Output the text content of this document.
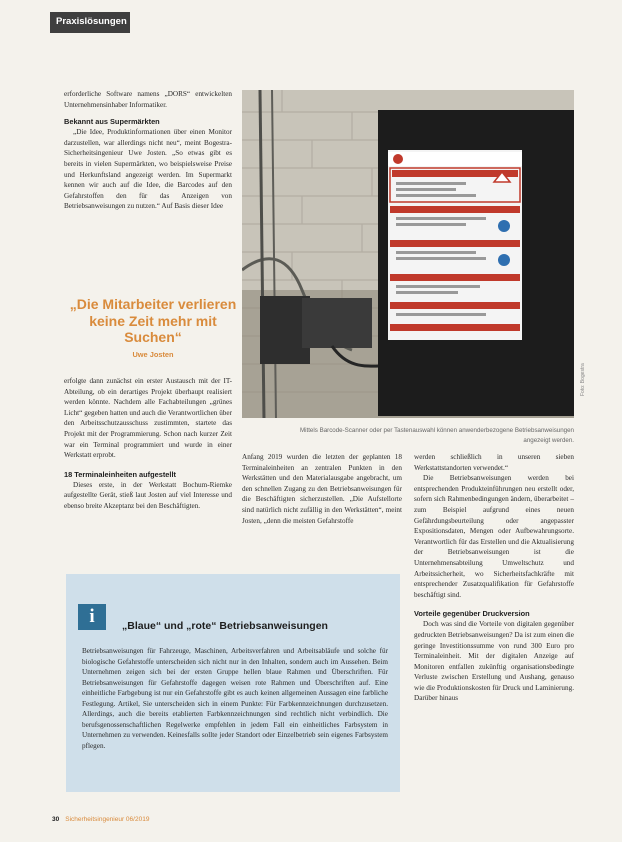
Praxislösungen

erforderliche Software namens „DORS“ entwickelten Unternehmensinhaber Informatiker.

Bekannt aus Supermärkten

„Die Idee, Produktinformationen über einen Monitor darzustellen, war allerdings nicht neu“, meint Bogestra-Sicherheitsingenieur Uwe Josten. „So etwas gibt es bereits in vielen Supermärkten, wo beispielsweise Preise und Herkunftsland angezeigt werden. Im Supermarkt kennen wir auch auf die Idee, die Barcodes auf den Gefahrstoffen den für das Anzeigen von Betriebsanweisungen zu nutzen.“ Auf Basis dieser Idee

„Die Mitarbeiter verlieren keine Zeit mehr mit Suchen“
Uwe Josten

erfolgte dann zunächst ein erster Austausch mit der IT-Abteilung, ob ein derartiges Projekt überhaupt realisiert werden könnte. Nachdem alle Fachabteilungen „grünes Licht“ gegeben hatten und auch die Verantwortlichen über den Arbeitsschutzausschuss zustimmten, startete das Projekt mit der Programmierung. Schon nach kurzer Zeit war ein Terminal programmiert und wurde in einer Werkstatt erprobt.

18 Terminaleinheiten aufgestellt

Dieses erste, in der Werkstatt Bochum-Riemke aufgestellte Gerät, stieß laut Josten auf viel Interesse und ebenso breite Akzeptanz bei den Beschäftigten.

Foto: Bogestra
Mittels Barcode-Scanner oder per Tastenauswahl können anwenderbezogene Betriebsanweisungen angezeigt werden.

Anfang 2019 wurden die letzten der geplanten 18 Terminaleinheiten an zentralen Punkten in den Werkstätten und den Materialausgabe angebracht, um den schnellen Zugang zu den Betriebsanweisungen für die Beschäftigten sicherzustellen. „Die Aufstellorte sind natürlich nicht zufällig in den Werkstätten“, meint Josten, „denn die meisten Gefahrstoffe

werden schließlich in unseren sieben Werkstattstandorten verwendet.“

Die Betriebsanweisungen werden bei entsprechenden Produkteinführungen neu erstellt oder, sofern sich Rahmenbedingungen ändern, überarbeitet – zum Beispiel aufgrund eines neuen Gefährdungsbeurteilung oder angepasster Expositionsdaten, Mengen oder Aufbewahrungsorte. Verantwortlich für das Erstellen und die Aktualisierung der Betriebsanweisungen ist die Unternehmensabteilung Umweltschutz und Arbeitssicherheit, wo Sicherheitsfachkräfte mit entsprechender Zusatzqualifikation für Gefahrstoffe beschäftigt sind.

Vorteile gegenüber Druckversion

Doch was sind die Vorteile von digitalen gegenüber gedruckten Betriebsanweisungen? Da ist zum einen die geringe Investitionssumme von rund 300 Euro pro Terminaleinheit. Mit der digitalen Anzeige auf Monitoren entfallen zukünftig organisationsbedingte Verluste zwischen Erstellung und Aushang, genauso wie die Produktionskosten für Druck und Laminierung. Darüber hinaus

i	„Blaue“ und „rote“ Betriebsanweisungen

Betriebsanweisungen für Fahrzeuge, Maschinen, Arbeitsverfahren und Arbeitsabläufe und solche für biologische Gefahrstoffe unterscheiden sich nicht nur in den Inhalten, sondern auch im Aussehen. Beim Unternehmen zeigen sich bei der ersten Gruppe hellen blaue Rahmen und Überschriften. Für Betriebsanweisungen für Gefahrstoffe dagegen weisen rote Rahmen und Überschriften auf. Eine einheitliche Farbgebung ist nur ein Gefahrstoffe gibt es auch keinen allgemeinen Aussagen eine farbliche Festlegung. Artikel, Sie unterscheiden sich in einem Punkte: Für Farbkennzeichnungen durchzusetzen. Allerdings, auch die bereits etablierten Farbkennzeichnungen sind rechtlich nicht verbindlich. Die berufsgenossenschaftlichen Regelwerke empfehlen in jedem Fall ein einheitliches Farbsystem in Unternehmen zu verwenden. Keinesfalls sollte jeder Standort oder Einzelbetrieb sein eigenes Farbsystem pflegen.

30 Sicherheitsingenieur 06/2019
